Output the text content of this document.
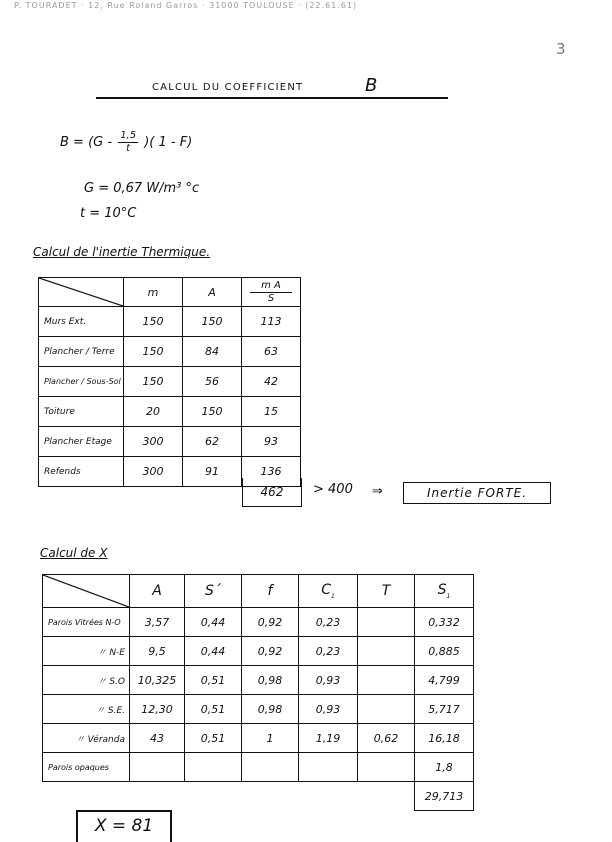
P. TOURADET · 12, Rue Roland Garros · 31000 TOULOUSE · (22.61.61)
3
CALCUL DU COEFFICIENT	B
$B = (G - \frac{1,5}{t}$ )( 1 - F)
G = 0,67 W/m³ °c
t = 10°C
Calcul de l'inertie Thermique.
	m	A	m A
S

Murs Ext.	150	150	113
Plancher / Terre	150	84	63
Plancher / Sous-Sol	150	56	42
Toiture	20	150	15
Plancher Etage	300	62	93
Refends	300	91	136
462	> 400 ⇒	Inertie FORTE.
Calcul de X
	A	S´	f	$C_1$	T	$S_1$
Parois Vitrées N-O	3,57	0,44	0,92	0,23		0,332
〃 N-E	9,5	0,44	0,92	0,23		0,885
〃 S.O	10,325	0,51	0,98	0,93		4,799
〃 S.E.	12,30	0,51	0,98	0,93		5,717
〃 Véranda	43	0,51	1	1,19	0,62	16,18
Parois opaques						1,8
						29,713
X = 81
